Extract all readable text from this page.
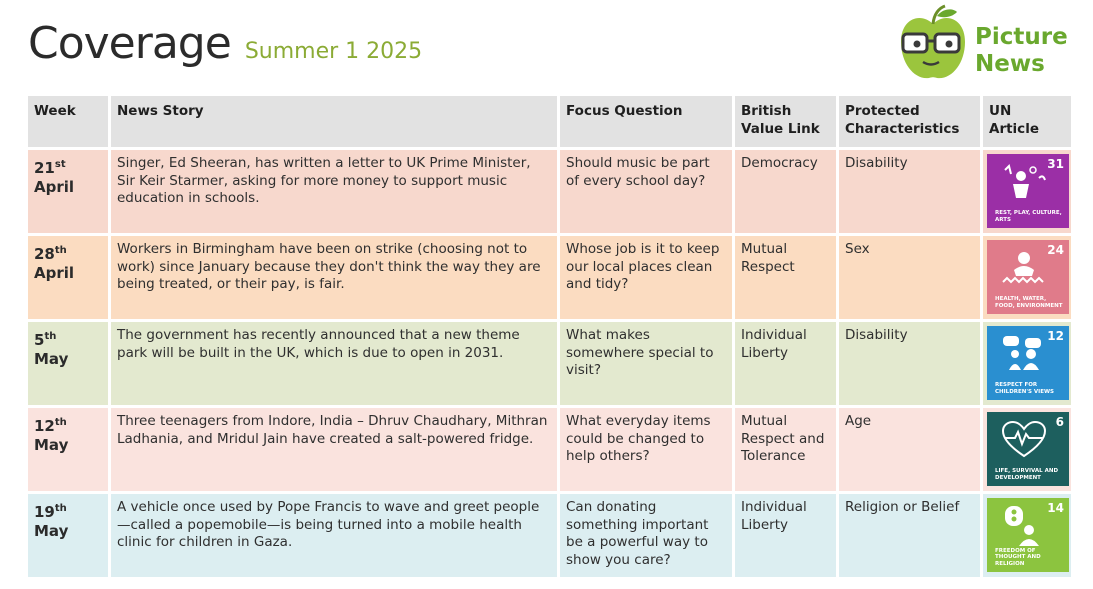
Coverage Summer 1 2025
Picture
News
Week	News Story	Focus Question	British Value Link	Protected Characteristics	UN Article
21st
April	Singer, Ed Sheeran, has written a letter to UK Prime Minister, Sir Keir Starmer, asking for more money to support music education in schools.	Should music be part of every school day?	Democracy	Disability	31
REST, PLAY, CULTURE, ARTS

28th
April	Workers in Birmingham have been on strike (choosing not to work) since January because they don't think the way they are being treated, or their pay, is fair.	Whose job is it to keep our local places clean and tidy?	Mutual Respect	Sex	24
HEALTH, WATER, FOOD, ENVIRONMENT

5th
May	The government has recently announced that a new theme park will be built in the UK, which is due to open in 2031.	What makes somewhere special to visit?	Individual Liberty	Disability	12
RESPECT FOR CHILDREN'S VIEWS

12th
May	Three teenagers from Indore, India – Dhruv Chaudhary, Mithran Ladhania, and Mridul Jain have created a salt-powered fridge.	What everyday items could be changed to help others?	Mutual Respect and Tolerance	Age	6
LIFE, SURVIVAL AND DEVELOPMENT

19th
May	A vehicle once used by Pope Francis to wave and greet people—called a popemobile—is being turned into a mobile health clinic for children in Gaza.	Can donating something important be a powerful way to show you care?	Individual Liberty	Religion or Belief	14
FREEDOM OF THOUGHT AND RELIGION
